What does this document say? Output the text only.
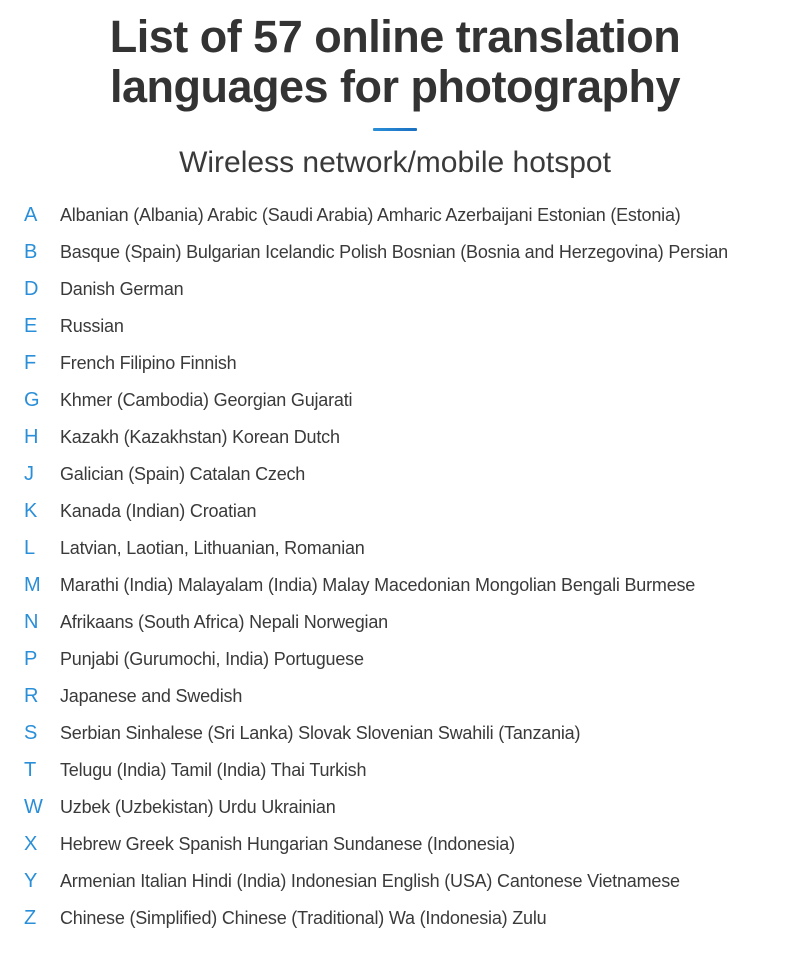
List of 57 online translation
languages for photography
Wireless network/mobile hotspot
A	Albanian (Albania) Arabic (Saudi Arabia) Amharic Azerbaijani Estonian (Estonia)
B	Basque (Spain) Bulgarian Icelandic Polish Bosnian (Bosnia and Herzegovina) Persian
D	Danish German
E	Russian
F	French Filipino Finnish
G	Khmer (Cambodia) Georgian Gujarati
H	Kazakh (Kazakhstan) Korean Dutch
J	Galician (Spain) Catalan Czech
K	Kanada (Indian) Croatian
L	Latvian, Laotian, Lithuanian, Romanian
M	Marathi (India) Malayalam (India) Malay Macedonian Mongolian Bengali Burmese
N	Afrikaans (South Africa) Nepali Norwegian
P	Punjabi (Gurumochi, India) Portuguese
R	Japanese and Swedish
S	Serbian Sinhalese (Sri Lanka) Slovak Slovenian Swahili (Tanzania)
T	Telugu (India) Tamil (India) Thai Turkish
W Uzbek (Uzbekistan) Urdu Ukrainian
X	Hebrew Greek Spanish Hungarian Sundanese (Indonesia)
Y	Armenian Italian Hindi (India) Indonesian English (USA) Cantonese Vietnamese
Z	Chinese (Simplified) Chinese (Traditional) Wa (Indonesia) Zulu
